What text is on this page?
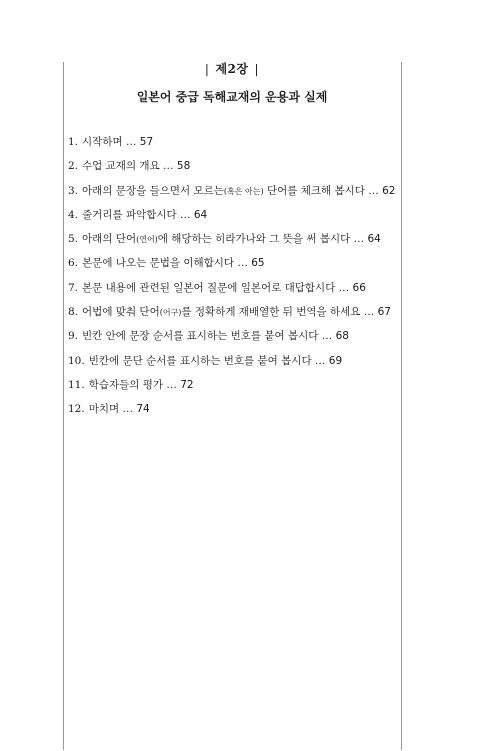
| 제2장 |
일본어 중급 독해교재의 운용과 실제
1. 시작하며 … 57
2. 수업 교재의 개요 … 58
3. 아래의 문장을 들으면서 모르는(혹은 아는) 단어를 체크해 봅시다 … 62
4. 줄거리를 파악합시다 … 64
5. 아래의 단어(연어)에 해당하는 히라가나와 그 뜻을 써 봅시다 … 64
6. 본문에 나오는 문법을 이해합시다 … 65
7. 본문 내용에 관련된 일본어 질문에 일본어로 대답합시다 … 66
8. 어법에 맞춰 단어(어구)를 정확하게 재배열한 뒤 번역을 하세요 … 67
9. 빈칸 안에 문장 순서를 표시하는 번호를 붙여 봅시다 … 68
10. 빈칸에 문단 순서를 표시하는 번호를 붙여 봅시다 … 69
11. 학습자들의 평가 … 72
12. 마치며 … 74
